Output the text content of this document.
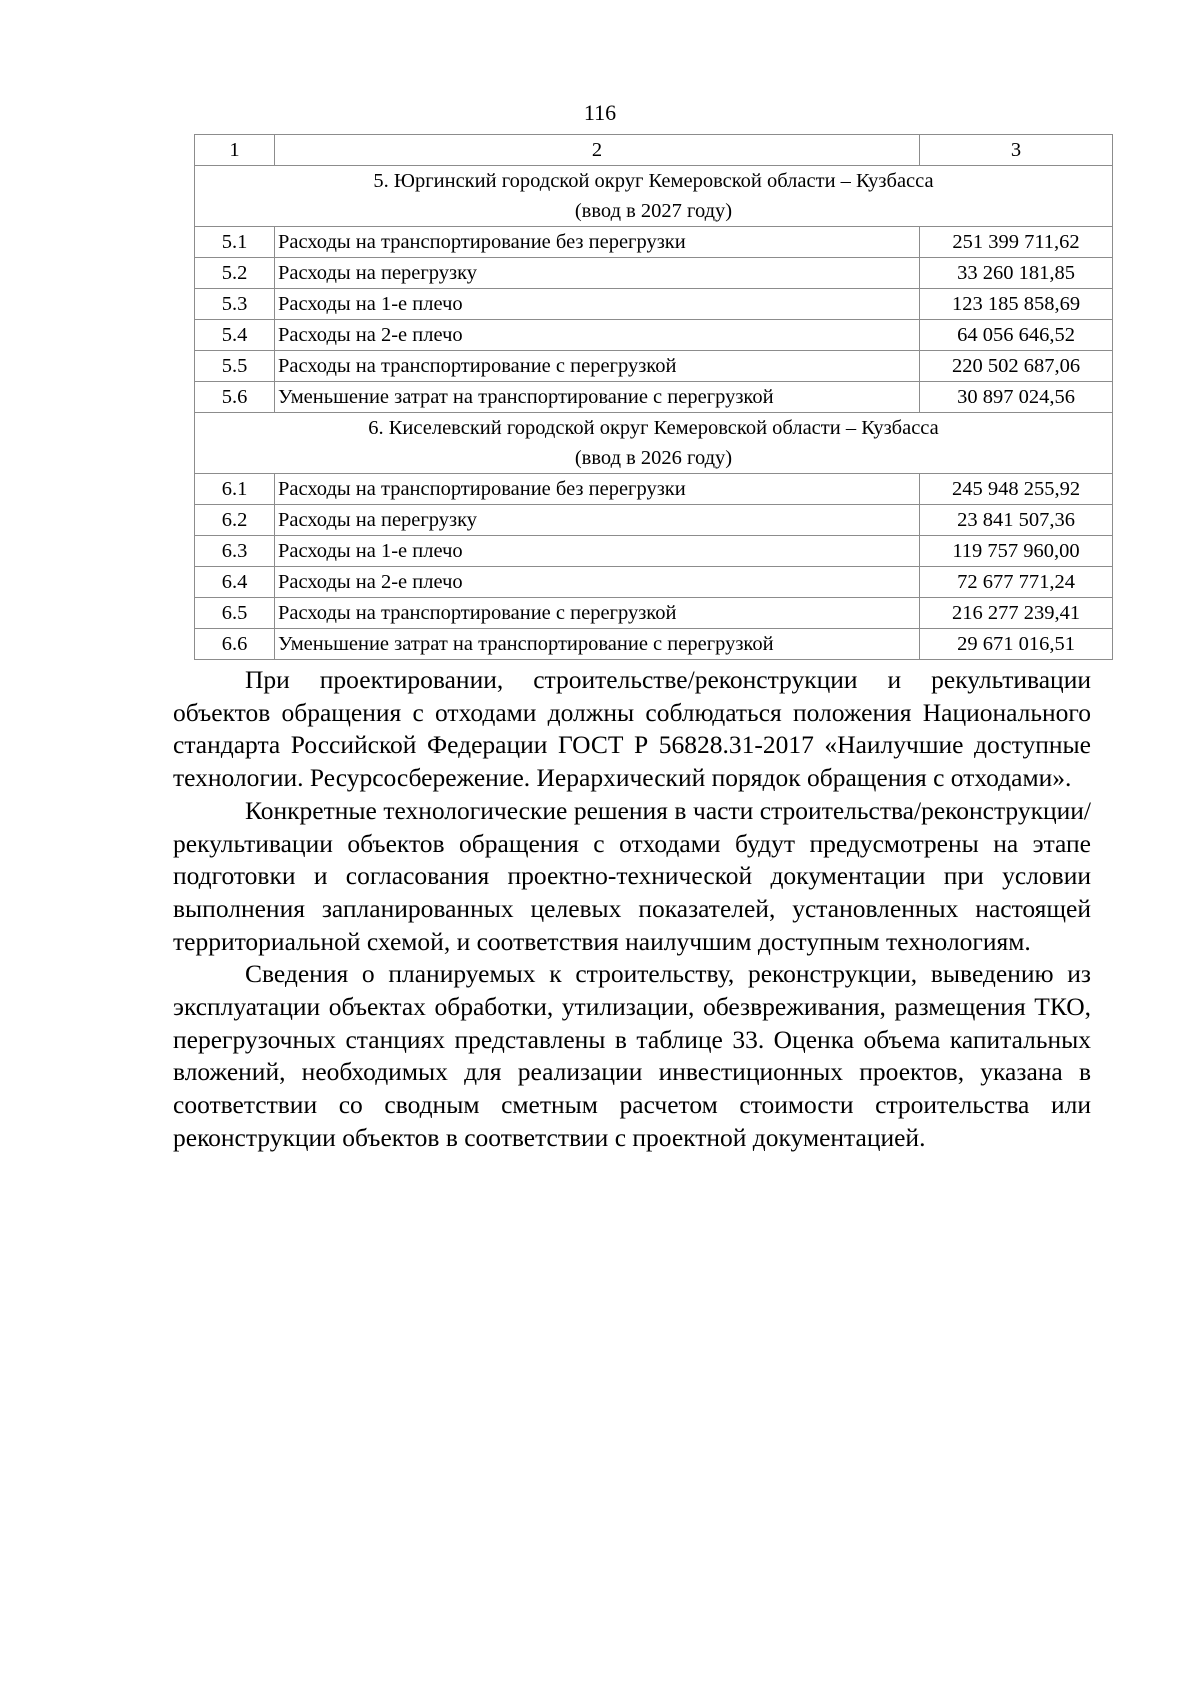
116
1	2	3

5. Юргинский городской округ Кемеровской области – Кузбасса
(ввод в 2027 году)		

5.1	Расходы на транспортирование без перегрузки	251 399 711,62
5.2	Расходы на перегрузку	33 260 181,85
5.3	Расходы на 1-е плечо	123 185 858,69
5.4	Расходы на 2-е плечо	64 056 646,52
5.5	Расходы на транспортирование с перегрузкой	220 502 687,06
5.6	Уменьшение затрат на транспортирование с перегрузкой	30 897 024,56

6. Киселевский городской округ Кемеровской области – Кузбасса
(ввод в 2026 году)		

6.1	Расходы на транспортирование без перегрузки	245 948 255,92
6.2	Расходы на перегрузку	23 841 507,36
6.3	Расходы на 1-е плечо	119 757 960,00
6.4	Расходы на 2-е плечо	72 677 771,24
6.5	Расходы на транспортирование с перегрузкой	216 277 239,41
6.6	Уменьшение затрат на транспортирование с перегрузкой	29 671 016,51

При проектировании, строительстве/реконструкции и рекультивации объектов обращения с отходами должны соблюдаться положения Национального стандарта Российской Федерации ГОСТ Р 56828.31-2017 «Наилучшие доступные технологии. Ресурсосбережение. Иерархический порядок обращения с отходами».

Конкретные технологические решения в части строительства/реконструкции/рекультивации объектов обращения с отходами будут предусмотрены на этапе подготовки и согласования проектно-технической документации при условии выполнения запланированных целевых показателей, установленных настоящей территориальной схемой, и соответствия наилучшим доступным технологиям.

Сведения о планируемых к строительству, реконструкции, выведению из эксплуатации объектах обработки, утилизации, обезвреживания, размещения ТКО, перегрузочных станциях представлены в таблице 33. Оценка объема капитальных вложений, необходимых для реализации инвестиционных проектов, указана в соответствии со сводным сметным расчетом стоимости строительства или реконструкции объектов в соответствии с проектной документацией.
